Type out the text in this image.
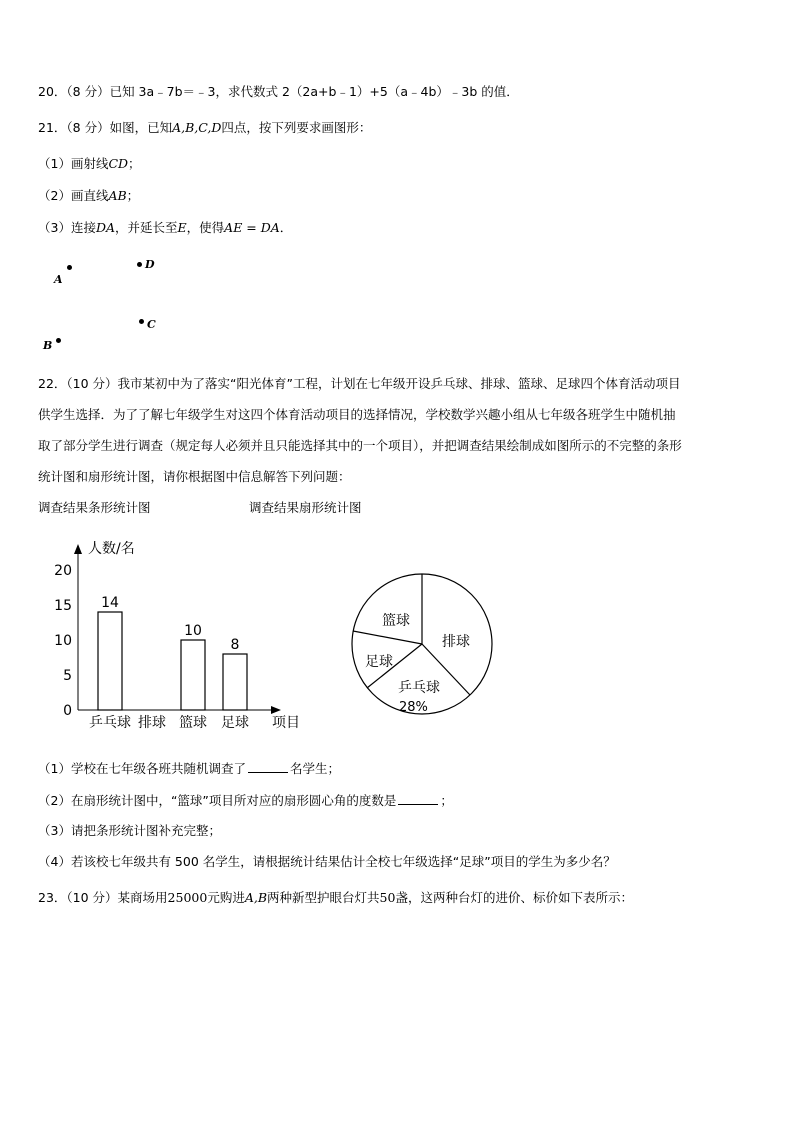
20．（8 分）已知 3a﹣7b＝﹣3，求代数式 2（2a+b﹣1）+5（a﹣4b）﹣3b 的值．
21．（8 分）如图，已知A,B,C,D四点，按下列要求画图形：
（1）画射线CD；
（2）画直线AB；
（3）连接DA，并延长至E，使得AE = DA．
A
D
C
B
22．（10 分）我市某初中为了落实“阳光体育”工程，计划在七年级开设乒乓球、排球、篮球、足球四个体育活动项目
供学生选择．为了了解七年级学生对这四个体育活动项目的选择情况，学校数学兴趣小组从七年级各班学生中随机抽
取了部分学生进行调查（规定每人必须并且只能选择其中的一个项目），并把调查结果绘制成如图所示的不完整的条形
统计图和扇形统计图，请你根据图中信息解答下列问题：
调查结果条形统计图	调查结果扇形统计图
人数/名
项目
0
5
10
15
20
乒乓球
14
排球 篮球
10
足球
8	排球
篮球
足球
乒乓球
28%
（1）学校在七年级各班共随机调查了	名学生；
（2）在扇形统计图中，“篮球”项目所对应的扇形圆心角的度数是	；
（3）请把条形统计图补充完整；
（4）若该校七年级共有 500 名学生，请根据统计结果估计全校七年级选择“足球”项目的学生为多少名？
23．（10 分）某商场用25000元购进A,B两种新型护眼台灯共50盏，这两种台灯的进价、标价如下表所示：
